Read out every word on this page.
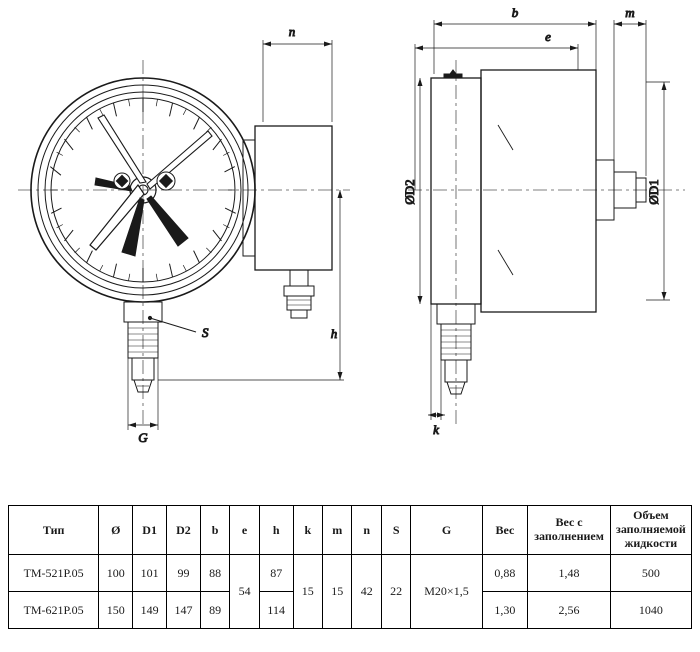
S
n
h
G
b
e
m
k
ØD2	ØD1
Тип	Ø	D1	D2	b	e	h	k	m	n	S	G	Вес	Вес с заполнением	Объем заполняемой жидкости
ТМ-521Р.05	100	101	99	88	54	87	15	15	42	22	M20×1,5	0,88	1,48	500
ТМ-621Р.05	150	149	147	89		114						1,30	2,56	1040
